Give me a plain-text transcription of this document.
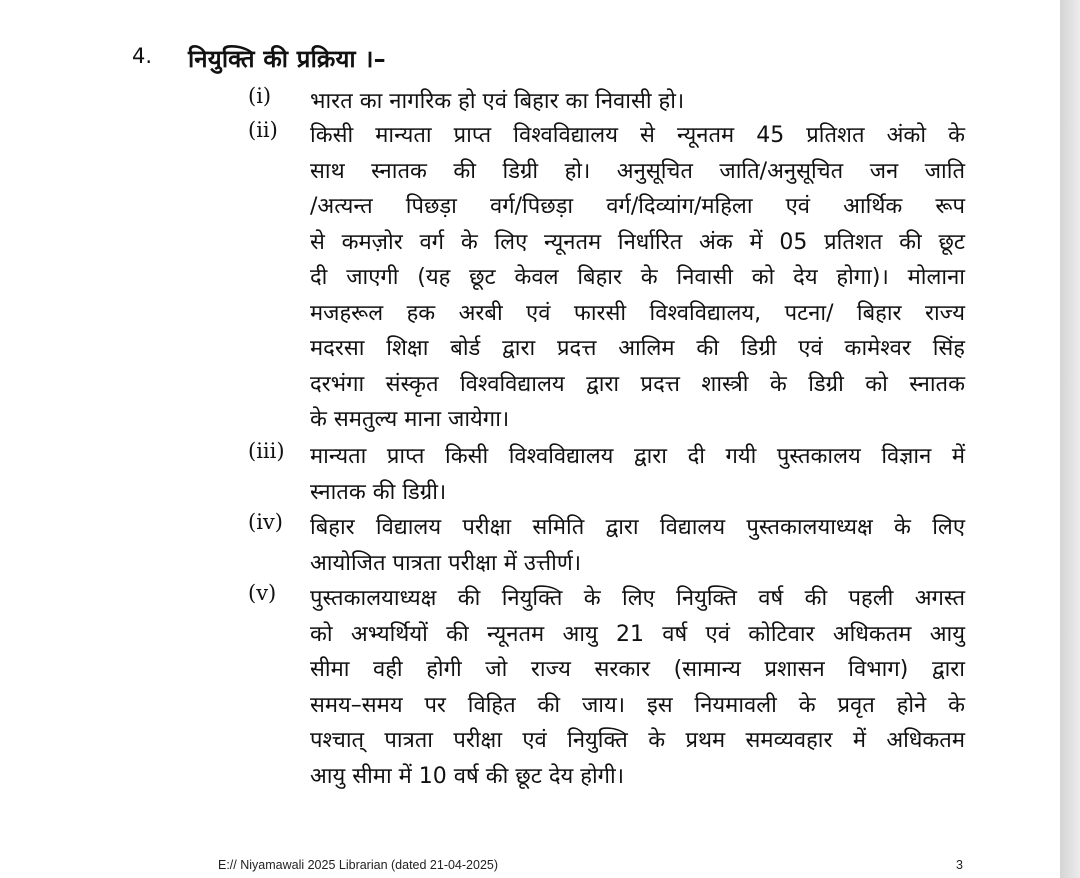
4. नियुक्ति की प्रक्रिया ।–
(i) भारत का नागरिक हो एवं बिहार का निवासी हो।
(ii) किसी मान्यता प्राप्त विश्वविद्यालय से न्यूनतम 45 प्रतिशत अंको के
साथ स्नातक की डिग्री हो। अनुसूचित जाति/अनुसूचित जन जाति
/अत्यन्त पिछड़ा वर्ग/पिछड़ा वर्ग/दिव्यांग/महिला एवं आर्थिक रूप
से कमज़ोर वर्ग के लिए न्यूनतम निर्धारित अंक में 05 प्रतिशत की छूट
दी जाएगी (यह छूट केवल बिहार के निवासी को देय होगा)। मोलाना
मजहरूल हक अरबी एवं फारसी विश्वविद्यालय, पटना/ बिहार राज्य
मदरसा शिक्षा बोर्ड द्वारा प्रदत्त आलिम की डिग्री एवं कामेश्वर सिंह
दरभंगा संस्कृत विश्वविद्यालय द्वारा प्रदत्त शास्त्री के डिग्री को स्नातक
के समतुल्य माना जायेगा।
(iii) मान्यता प्राप्त किसी विश्वविद्यालय द्वारा दी गयी पुस्तकालय विज्ञान में
स्नातक की डिग्री।
(iv) बिहार विद्यालय परीक्षा समिति द्वारा विद्यालय पुस्तकालयाध्यक्ष के लिए
आयोजित पात्रता परीक्षा में उत्तीर्ण।
(v) पुस्तकालयाध्यक्ष की नियुक्ति के लिए नियुक्ति वर्ष की पहली अगस्त
को अभ्यर्थियों की न्यूनतम आयु 21 वर्ष एवं कोटिवार अधिकतम आयु
सीमा वही होगी जो राज्य सरकार (सामान्य प्रशासन विभाग) द्वारा
समय–समय पर विहित की जाय। इस नियमावली के प्रवृत होने के
पश्चात् पात्रता परीक्षा एवं नियुक्ति के प्रथम समव्यवहार में अधिकतम
आयु सीमा में 10 वर्ष की छूट देय होगी।
E:// Niyamawali 2025 Librarian (dated 21-04-2025)	3
